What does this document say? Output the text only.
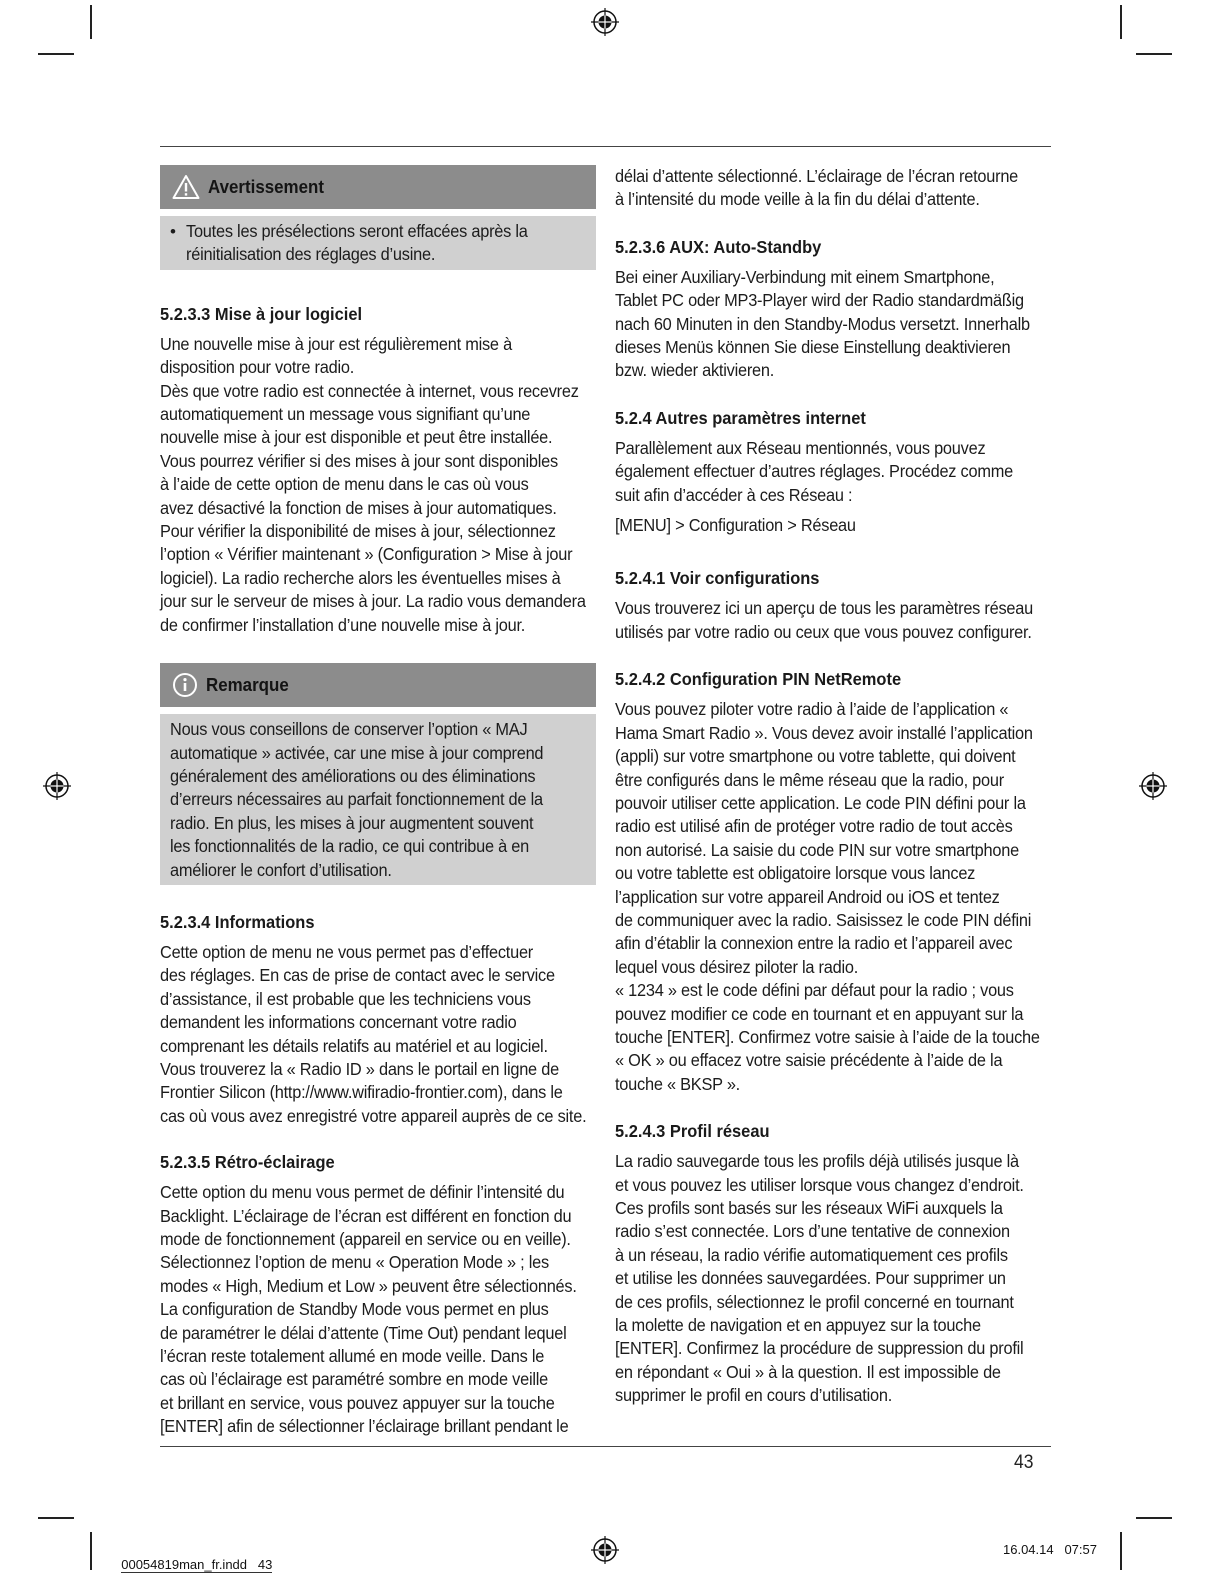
Avertissement
• Toutes les présélections seront effacées après la
réinitialisation des réglages d’usine.

5.2.3.3 Mise à jour logiciel

Une nouvelle mise à jour est régulièrement mise à
disposition pour votre radio.
Dès que votre radio est connectée à internet, vous recevrez
automatiquement un message vous signifiant qu’une
nouvelle mise à jour est disponible et peut être installée.
Vous pourrez vérifier si des mises à jour sont disponibles
à l’aide de cette option de menu dans le cas où vous
avez désactivé la fonction de mises à jour automatiques.
Pour vérifier la disponibilité de mises à jour, sélectionnez
l’option « Vérifier maintenant » (Configuration > Mise à jour
logiciel). La radio recherche alors les éventuelles mises à
jour sur le serveur de mises à jour. La radio vous demandera
de confirmer l’installation d’une nouvelle mise à jour.

Remarque

Nous vous conseillons de conserver l’option « MAJ
automatique » activée, car une mise à jour comprend
généralement des améliorations ou des éliminations
d’erreurs nécessaires au parfait fonctionnement de la
radio. En plus, les mises à jour augmentent souvent
les fonctionnalités de la radio, ce qui contribue à en
améliorer le confort d’utilisation.

5.2.3.4 Informations

Cette option de menu ne vous permet pas d’effectuer
des réglages. En cas de prise de contact avec le service
d’assistance, il est probable que les techniciens vous
demandent les informations concernant votre radio
comprenant les détails relatifs au matériel et au logiciel.
Vous trouverez la « Radio ID » dans le portail en ligne de
Frontier Silicon (http://www.wifiradio-frontier.com), dans le
cas où vous avez enregistré votre appareil auprès de ce site.

5.2.3.5 Rétro-éclairage

Cette option du menu vous permet de définir l’intensité du
Backlight. L’éclairage de l’écran est différent en fonction du
mode de fonctionnement (appareil en service ou en veille).
Sélectionnez l’option de menu « Operation Mode » ; les
modes « High, Medium et Low » peuvent être sélectionnés.
La configuration de Standby Mode vous permet en plus
de paramétrer le délai d’attente (Time Out) pendant lequel
l’écran reste totalement allumé en mode veille. Dans le
cas où l’éclairage est paramétré sombre en mode veille
et brillant en service, vous pouvez appuyer sur la touche
[ENTER] afin de sélectionner l’éclairage brillant pendant le

délai d’attente sélectionné. L’éclairage de l’écran retourne
à l’intensité du mode veille à la fin du délai d’attente.

5.2.3.6 AUX: Auto-Standby

Bei einer Auxiliary-Verbindung mit einem Smartphone,
Tablet PC oder MP3-Player wird der Radio standardmäßig
nach 60 Minuten in den Standby-Modus versetzt. Innerhalb
dieses Menüs können Sie diese Einstellung deaktivieren
bzw. wieder aktivieren.

5.2.4 Autres paramètres internet

Parallèlement aux Réseau mentionnés, vous pouvez
également effectuer d’autres réglages. Procédez comme
suit afin d’accéder à ces Réseau :

[MENU] > Configuration > Réseau

5.2.4.1 Voir configurations

Vous trouverez ici un aperçu de tous les paramètres réseau
utilisés par votre radio ou ceux que vous pouvez configurer.

5.2.4.2 Configuration PIN NetRemote

Vous pouvez piloter votre radio à l’aide de l’application «
Hama Smart Radio ». Vous devez avoir installé l’application
(appli) sur votre smartphone ou votre tablette, qui doivent
être configurés dans le même réseau que la radio, pour
pouvoir utiliser cette application. Le code PIN défini pour la
radio est utilisé afin de protéger votre radio de tout accès
non autorisé. La saisie du code PIN sur votre smartphone
ou votre tablette est obligatoire lorsque vous lancez
l’application sur votre appareil Android ou iOS et tentez
de communiquer avec la radio. Saisissez le code PIN défini
afin d’établir la connexion entre la radio et l’appareil avec
lequel vous désirez piloter la radio.
« 1234 » est le code défini par défaut pour la radio ; vous
pouvez modifier ce code en tournant et en appuyant sur la
touche [ENTER]. Confirmez votre saisie à l’aide de la touche
« OK » ou effacez votre saisie précédente à l’aide de la
touche « BKSP ».

5.2.4.3 Profil réseau

La radio sauvegarde tous les profils déjà utilisés jusque là
et vous pouvez les utiliser lorsque vous changez d’endroit.
Ces profils sont basés sur les réseaux WiFi auxquels la
radio s’est connectée. Lors d’une tentative de connexion
à un réseau, la radio vérifie automatiquement ces profils
et utilise les données sauvegardées. Pour supprimer un
de ces profils, sélectionnez le profil concerné en tournant
la molette de navigation et en appuyez sur la touche
[ENTER]. Confirmez la procédure de suppression du profil
en répondant « Oui » à la question. Il est impossible de
supprimer le profil en cours d’utilisation.

43

00054819man_fr.indd   43

16.04.14   07:57
